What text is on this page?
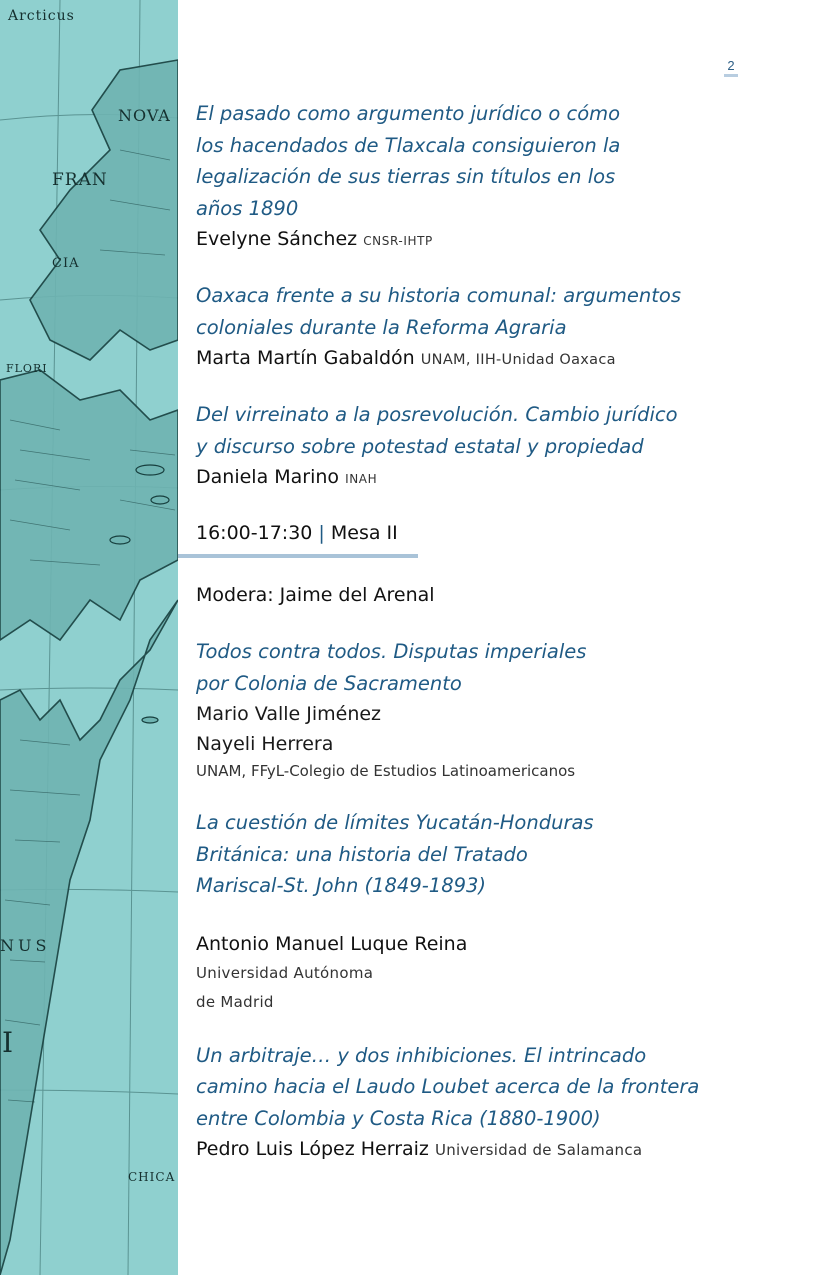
Arcticus
NOVA
FRAN
CIA
FLORI
NUS
I
CHICA
2
El pasado como argumento jurídico o cómo
los hacendados de Tlaxcala consiguieron la
legalización de sus tierras sin títulos en los
años 1890
Evelyne Sánchez CNSR-IHTP
Oaxaca frente a su historia comunal: argumentos
coloniales durante la Reforma Agraria
Marta Martín Gabaldón UNAM, IIH-Unidad Oaxaca
Del virreinato a la posrevolución. Cambio jurídico
y discurso sobre potestad estatal y propiedad
Daniela Marino INAH
16:00-17:30 | Mesa II
Modera: Jaime del Arenal
Todos contra todos. Disputas imperiales
por Colonia de Sacramento
Mario Valle Jiménez
Nayeli Herrera
UNAM, FFyL-Colegio de Estudios Latinoamericanos
La cuestión de límites Yucatán-Honduras
Británica: una historia del Tratado
Mariscal-St. John (1849-1893)

Antonio Manuel Luque Reina
Universidad Autónoma
de Madrid

Un arbitraje… y dos inhibiciones. El intrincado
camino hacia el Laudo Loubet acerca de la frontera
entre Colombia y Costa Rica (1880-1900)
Pedro Luis López Herraiz Universidad de Salamanca
